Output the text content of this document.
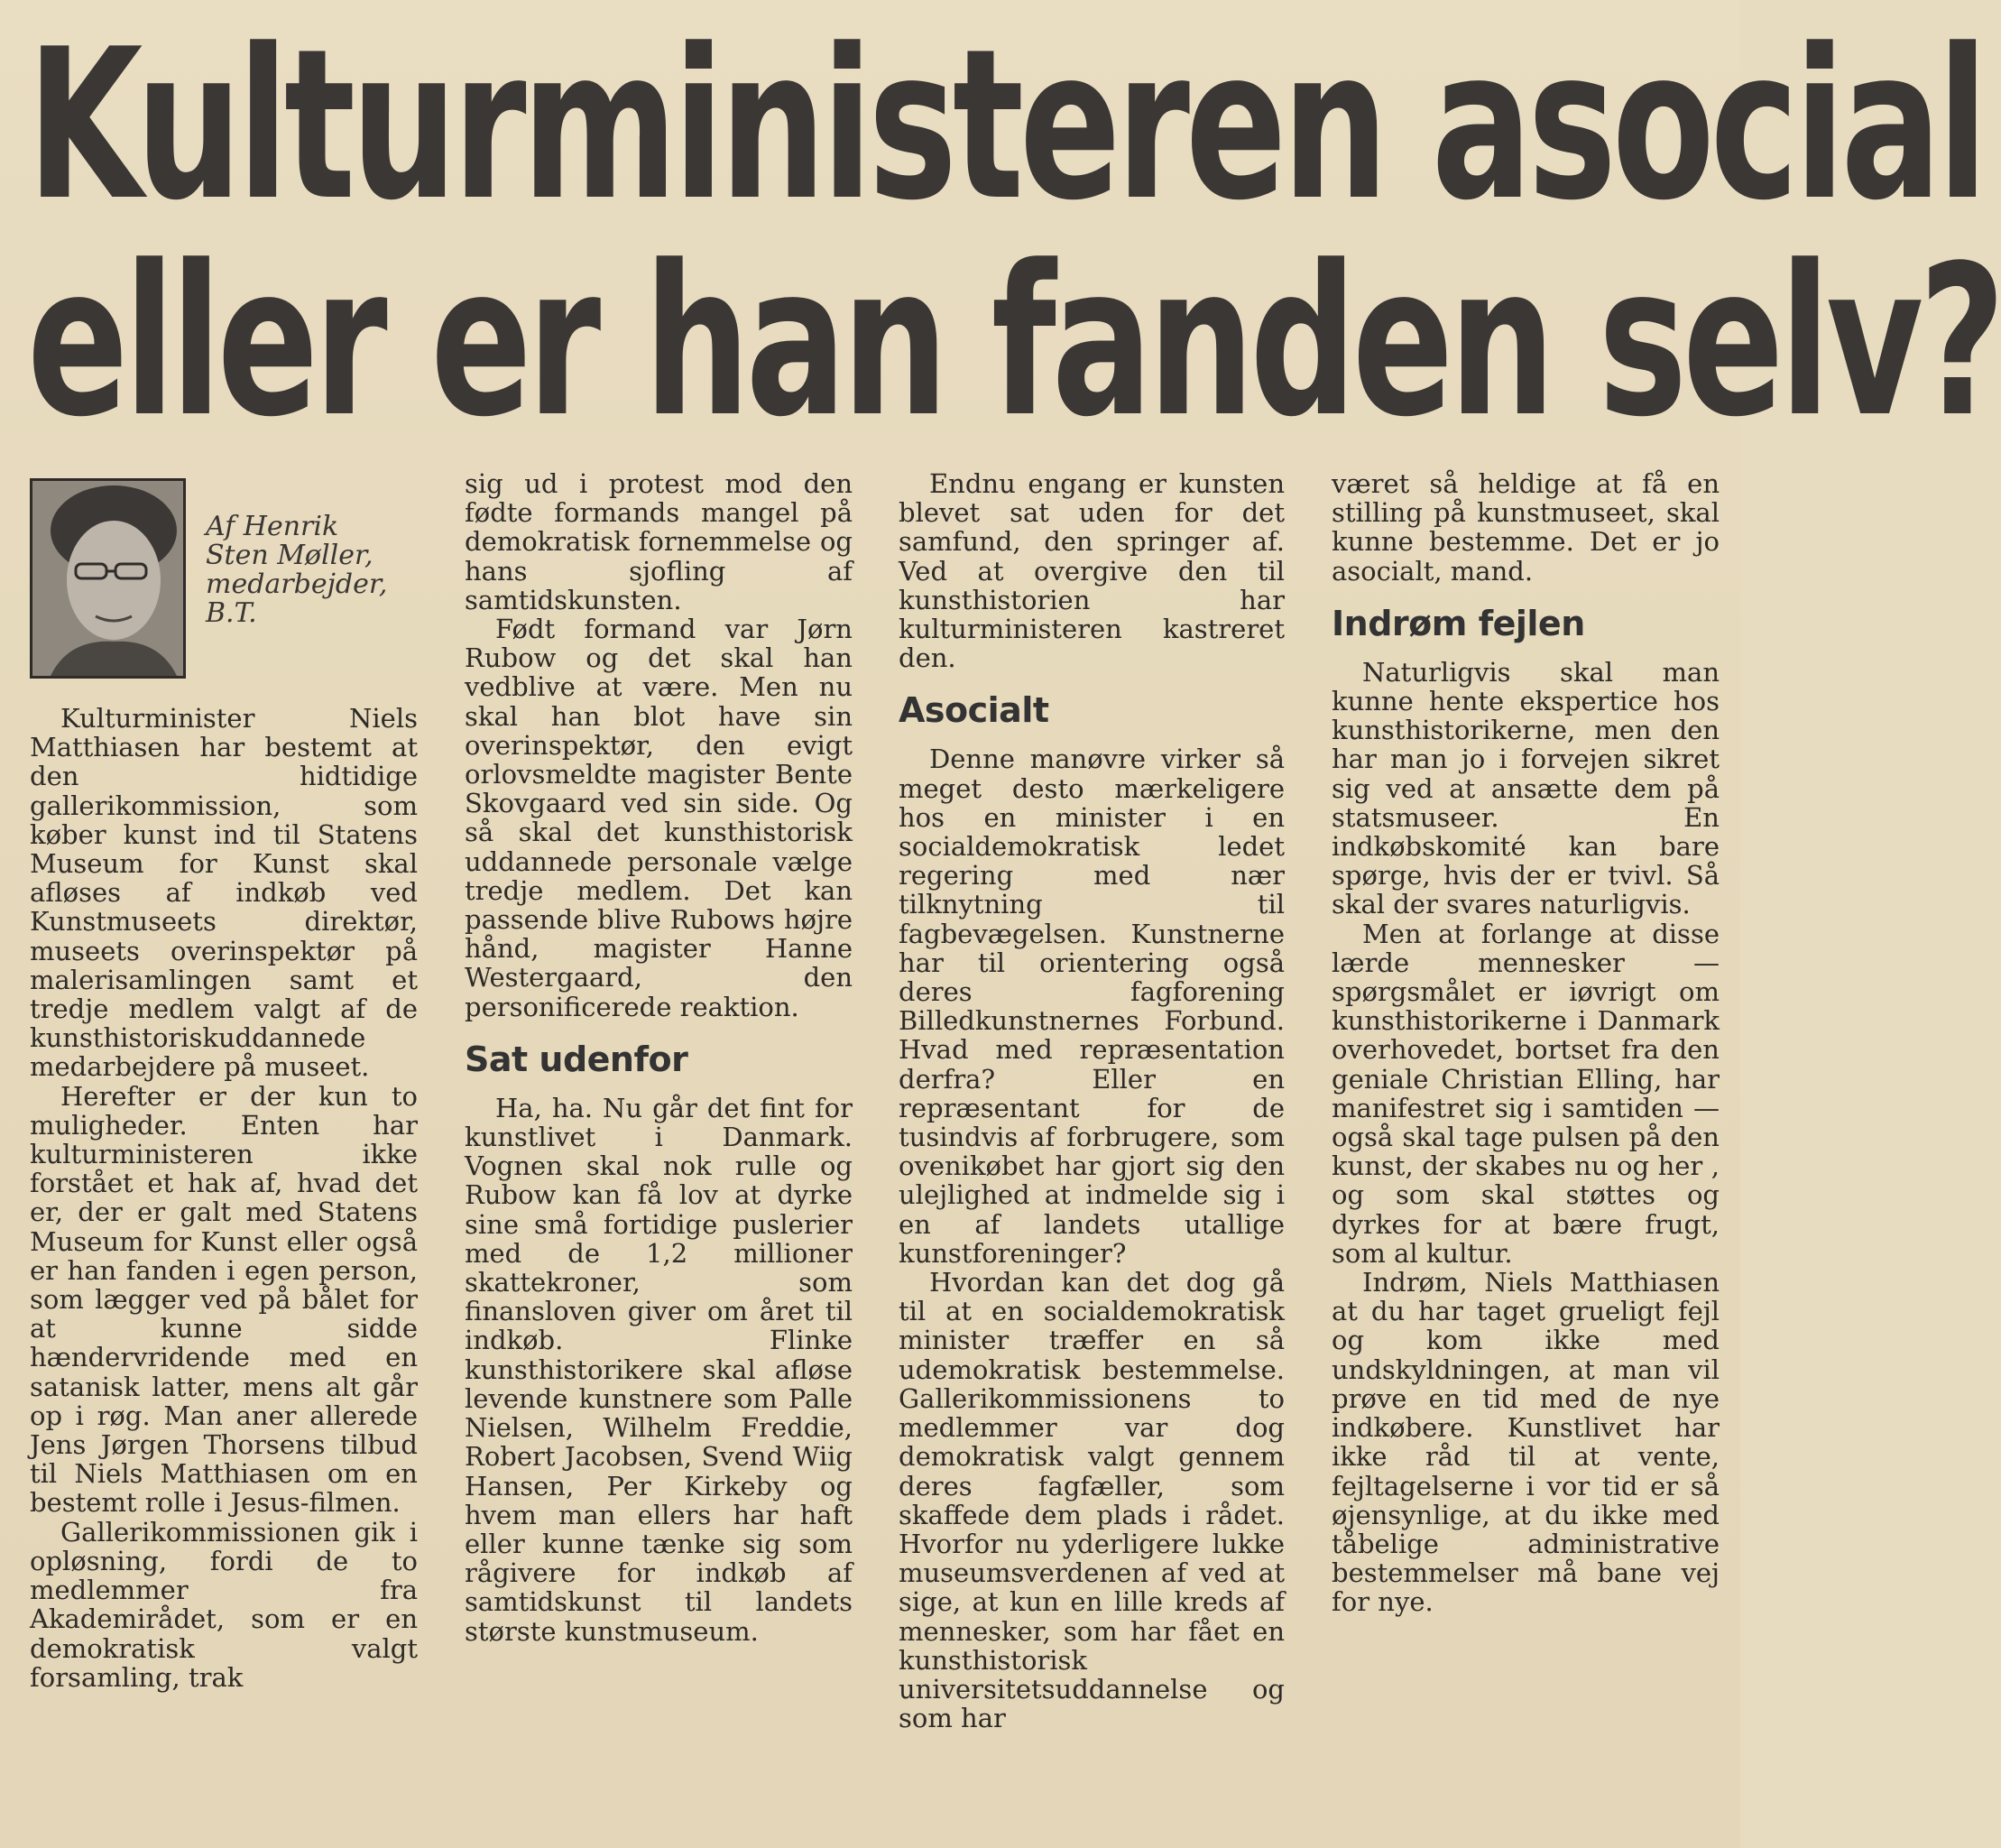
Kulturministeren asocial
eller er han fanden selv?
Af Henrik
Sten Møller,
medarbejder,
B.T.

Kulturminister Niels Matthiasen har bestemt at den hidtidige gallerikommission, som køber kunst ind til Statens Museum for Kunst skal afløses af indkøb ved Kunstmuseets direktør, museets overinspektør på malerisamlingen samt et tredje medlem valgt af de kunsthistoriskuddannede medarbejdere på museet.

Herefter er der kun to muligheder. Enten har kulturministeren ikke forstået et hak af, hvad det er, der er galt med Statens Museum for Kunst eller også er han fanden i egen person, som lægger ved på bålet for at kunne sidde hændervridende med en satanisk latter, mens alt går op i røg. Man aner allerede Jens Jørgen Thorsens tilbud til Niels Matthiasen om en bestemt rolle i Jesus-filmen.

Gallerikommissionen gik i opløsning, fordi de to medlemmer fra Akademirådet, som er en demokratisk valgt forsamling, trak

sig ud i protest mod den fødte formands mangel på demokratisk fornemmelse og hans sjofling af samtidskunsten.

Født formand var Jørn Rubow og det skal han vedblive at være. Men nu skal han blot have sin overinspektør, den evigt orlovsmeldte magister Bente Skovgaard ved sin side. Og så skal det kunsthistorisk uddannede personale vælge tredje medlem. Det kan passende blive Rubows højre hånd, magister Hanne Westergaard, den personificerede reaktion.

Sat udenfor

Ha, ha. Nu går det fint for kunstlivet i Danmark. Vognen skal nok rulle og Rubow kan få lov at dyrke sine små fortidige puslerier med de 1,2 millioner skattekroner, som finansloven giver om året til indkøb. Flinke kunsthistorikere skal afløse levende kunstnere som Palle Nielsen, Wilhelm Freddie, Robert Jacobsen, Svend Wiig Hansen, Per Kirkeby og hvem man ellers har haft eller kunne tænke sig som rågivere for indkøb af samtidskunst til landets største kunstmuseum.

Endnu engang er kunsten blevet sat uden for det samfund, den springer af. Ved at overgive den til kunsthistorien har kulturministeren kastreret den.

Asocialt

Denne manøvre virker så meget desto mærkeligere hos en minister i en socialdemokratisk ledet regering med nær tilknytning til fagbevægelsen. Kunstnerne har til orientering også deres fagforening Billedkunstnernes Forbund. Hvad med repræsentation derfra? Eller en repræsentant for de tusindvis af forbrugere, som ovenikøbet har gjort sig den ulejlighed at indmelde sig i en af landets utallige kunstforeninger?

Hvordan kan det dog gå til at en socialdemokratisk minister træffer en så udemokratisk bestemmelse. Gallerikommissionens to medlemmer var dog demokratisk valgt gennem deres fagfæller, som skaffede dem plads i rådet. Hvorfor nu yderligere lukke museumsverdenen af ved at sige, at kun en lille kreds af mennesker, som har fået en kunsthistorisk universitetsuddannelse og som har

været så heldige at få en stilling på kunstmuseet, skal kunne bestemme. Det er jo asocialt, mand.

Indrøm fejlen

Naturligvis skal man kunne hente ekspertice hos kunsthistorikerne, men den har man jo i forvejen sikret sig ved at ansætte dem på statsmuseer. En indkøbskomité kan bare spørge, hvis der er tvivl. Så skal der svares naturligvis.

Men at forlange at disse lærde mennesker — spørgsmålet er iøvrigt om kunsthistorikerne i Danmark overhovedet, bortset fra den geniale Christian Elling, har manifestret sig i samtiden — også skal tage pulsen på den kunst, der skabes nu og her , og som skal støttes og dyrkes for at bære frugt, som al kultur.

Indrøm, Niels Matthiasen at du har taget grueligt fejl og kom ikke med undskyldningen, at man vil prøve en tid med de nye indkøbere. Kunstlivet har ikke råd til at vente, fejltagelserne i vor tid er så øjensynlige, at du ikke med tåbelige administrative bestemmelser må bane vej for nye.
